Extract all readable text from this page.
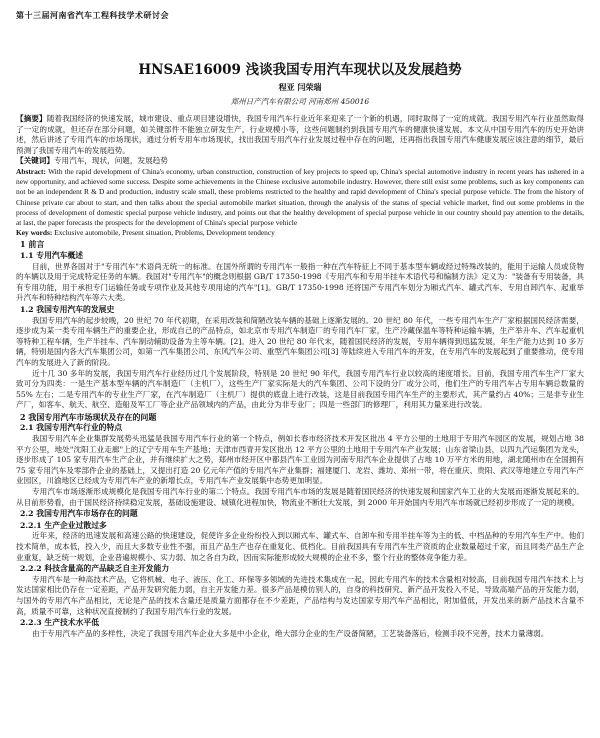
第十三届河南省汽车工程科技学术研讨会
HNSAE16009 浅谈我国专用汽车现状以及发展趋势
程亚 闫荣瑞
郑州日产汽车有限公司 河南郑州 450016

【摘要】随着我国经济的快速发展，城市建设、重点项目建设增快，我国专用汽车行业近年来迎来了一个新的机遇，同时取得了一定的成就。我国专用汽车行业虽然取得了一定的成就，但还存在部分问题，如关键部件不能独立研发生产，行业规模小等，这些问题制约到我国专用汽车的健康快速发展。本文从中国专用汽车的历史开始讲述，然后讲述了专用汽车的市场现状，通过分析专用车市场现状，找出我国专用汽车行业发展过程中存在的问题，还再指出我国专用汽车健康发展应该注意的细节，最后预测了我国专用汽车的发展趋势。

【关键词】专用汽车，现状，问题，发展趋势

Abstract: With the rapid development of China's economy, urban construction, construction of key projects to speed up, China's special automotive industry in recent years has ushered in a new opportunity, and achieved some success. Despite some achievements in the Chinese exclusive automobile industry. However, there still exist some problems, such as key components can not be an independent R & D and production, industry scale small, these problems restricted to the healthy and rapid development of China's special purpose vehicle. The from the history of Chinese private car about to start, and then talks about the special automobile market situation, through the analysis of the status of special vehicle market, find out some problems in the process of development of domestic special purpose vehicle industry, and points out that the healthy development of special purpose vehicle in our country should pay attention to the details, at last, the paper forecasts the prospects for the development of China's special purpose vehicle

Key words: Exclusive automobile, Present situation, Problems, Development tendency

1 前言
1.1 专用汽车概述

目前，世界各国对于"专用汽车"术语尚无统一的标准。在国外所谓的专用汽车一般指一种在汽车特征上不同于基本型车辆或经过特殊改装的，能用于运输人员或货物的车辆以及用于完成特定任务的车辆。我国对"专用汽车"的概念则根据 GB/T 17350-1998《专用汽车和专用半挂车术语代号和编制方法》定义为："装备有专用装备，具有专用功能，用于承担专门运输任务或专项作业及其他专项用途的汽车"[1]。GB/T 17350-1998 还将国产专用汽车划分为厢式汽车、罐式汽车、专用自卸汽车、起重举升汽车和特种结构汽车等六大类。

1.2 我国专用汽车的发展史

我国专用汽车的起步较晚，20 世纪 70 年代初期，在采用改装和简陋改装车辆的基础上逐渐发展的。20 世纪 80 年代，一些专用汽车生产厂家根据国民经济需要，逐步成为某一类专用车辆生产的重要企业，形成自己的产品特点，如北京市专用汽车制造厂的专用汽车厂家，生产冷藏保温车等特种运输车辆，生产举升车、汽车起重机等特种工程车辆，生产半挂车、汽车制动辅助设备为主等车辆。[2]。进入 20 世纪 80 年代末，随着国民经济的发展，专用车辆得到迅猛发展，年生产能力达到 10 多万辆，特别是国内各大汽车集团公司，如第一汽车集团公司、东风汽车公司、重型汽车集团公司[3] 等陆续进入专用汽车的开发，在专用汽车的发展起到了重要推动，使专用汽车的发展进入了新的阶段。

近十几 30 多年的发展，我国专用汽车行业经历过几个发展阶段，特别是 20 世纪 90 年代，我国专用汽车行业以较高的速度增长。目前，我国专用汽车生产厂家大致可分为四类：一是生产基本型车辆的汽车制造厂（主机厂），这些生产厂家实际是大的汽车集团、公司下设的分厂或分公司，他们生产的专用汽车占专用车辆总数量的 55% 左右；二是专用汽车的专业生产厂家，在汽车制造厂（主机厂）提供的底盘上进行改装，这是目前我国专用汽车生产的主要形式，其产量约占 40%；三是非专业生产厂，如客车、航天、航空、造船及军工厂等企业产品领域内的产品，由此分为非专业厂；四是一些部门的修理厂，利用其力量来进行改装。

2 我国专用汽车市场现状及存在的问题
2.1 我国专用汽车行业的特点

我国专用汽车企业集群发展势头迅猛是我国专用汽车行业的第一个特点，例如长春市经济技术开发区批出 4 平方公里的土地用于专用汽车园区的发展，规划占地 38 平方公里，地处"沈阳工业走廊"上的辽宁专用车生产基地；天津市西青开发区批出 12 平方公里的土地用于专用汽车产业发展；山东省梁山县，以四九汽运集团为龙头，逐步形成了 105 家专用汽车生产企业，并有继续扩大之势，郑州市经开区中都县汽车工业园为河南专用汽车企业提供了占地 10 万平方米的用地，湖北随州市在全国拥有 75 家专用汽车及零部件企业的基础上，又提出打造 20 亿元年产值的专用汽车产业集群；福建厦门、龙岩、潍坊、郑州一带，将在重庆、贵阳、武汉等地建立专用汽车产业园区，川渝地区已经成为专用汽车产业的新增长点，专用汽车产业发展集中态势更加明显。

专用汽车市场逐渐形成规模化是我国专用汽车行业的第二个特点。我国专用汽车市场的发展是随着国民经济的快速发展和国家汽车工业的大发展而逐渐发展起来的。从目前形势看，由于国民经济持续稳定发展，基础设施建设、城镇化进程加快，物流业不断壮大发展，到 2000 年开始国内专用汽车市场就已经初步形成了一定的规模。

2.2 我国专用汽车市场存在的问题
2.2.1 生产企业过散过多

近年来，经济的迅速发展和高速公路的快速建设，促使许多企业纷纷投入到以厢式车、罐式车、自卸车和专用半挂车等为主的低、中档品种的专用汽车生产中。他们技术简单，成本低，投入少，而且大多数专业性不强，而且产品生产也存在重复化、低档化。目前我国具有专用汽车生产资质的企业数量超过千家，而且同类产品生产企业重复，缺乏统一规划，企业普遍规模小、实力弱、加之各自为政，因而实际能形成较大规模的企业不多，整个行业的整体竞争能力差。

2.2.2 科技含量高的产品缺乏自主开发能力

专用汽车是一种高技术产品，它将机械、电子、液压、化工、环保等多领域的先进技术集成在一起，因此专用汽车的技术含量相对较高，目前我国专用汽车技术上与发达国家相比仍存在一定差距，产品开发研究能力弱，自主开发能力差。很多产品是模仿别人的，自身的科技研究、新产品开发投入不足，导致高端产品的开发能力弱，与国外的专用汽车产品相比，无论是产品的技术含量还是质量方面都存在不少差距，产品结构与发达国家专用汽车产品相比，附加值低，开发出来的新产品技术含量不高，质量不可靠，这种状况直接制约了我国专用汽车行业的发展。

2.2.3 生产技术水平低

由于专用汽车产品的多样性，决定了我国专用汽车企业大多是中小企业，绝大部分企业的生产设备简陋，工艺装备落后，检测手段不完善，技术力量薄弱。
